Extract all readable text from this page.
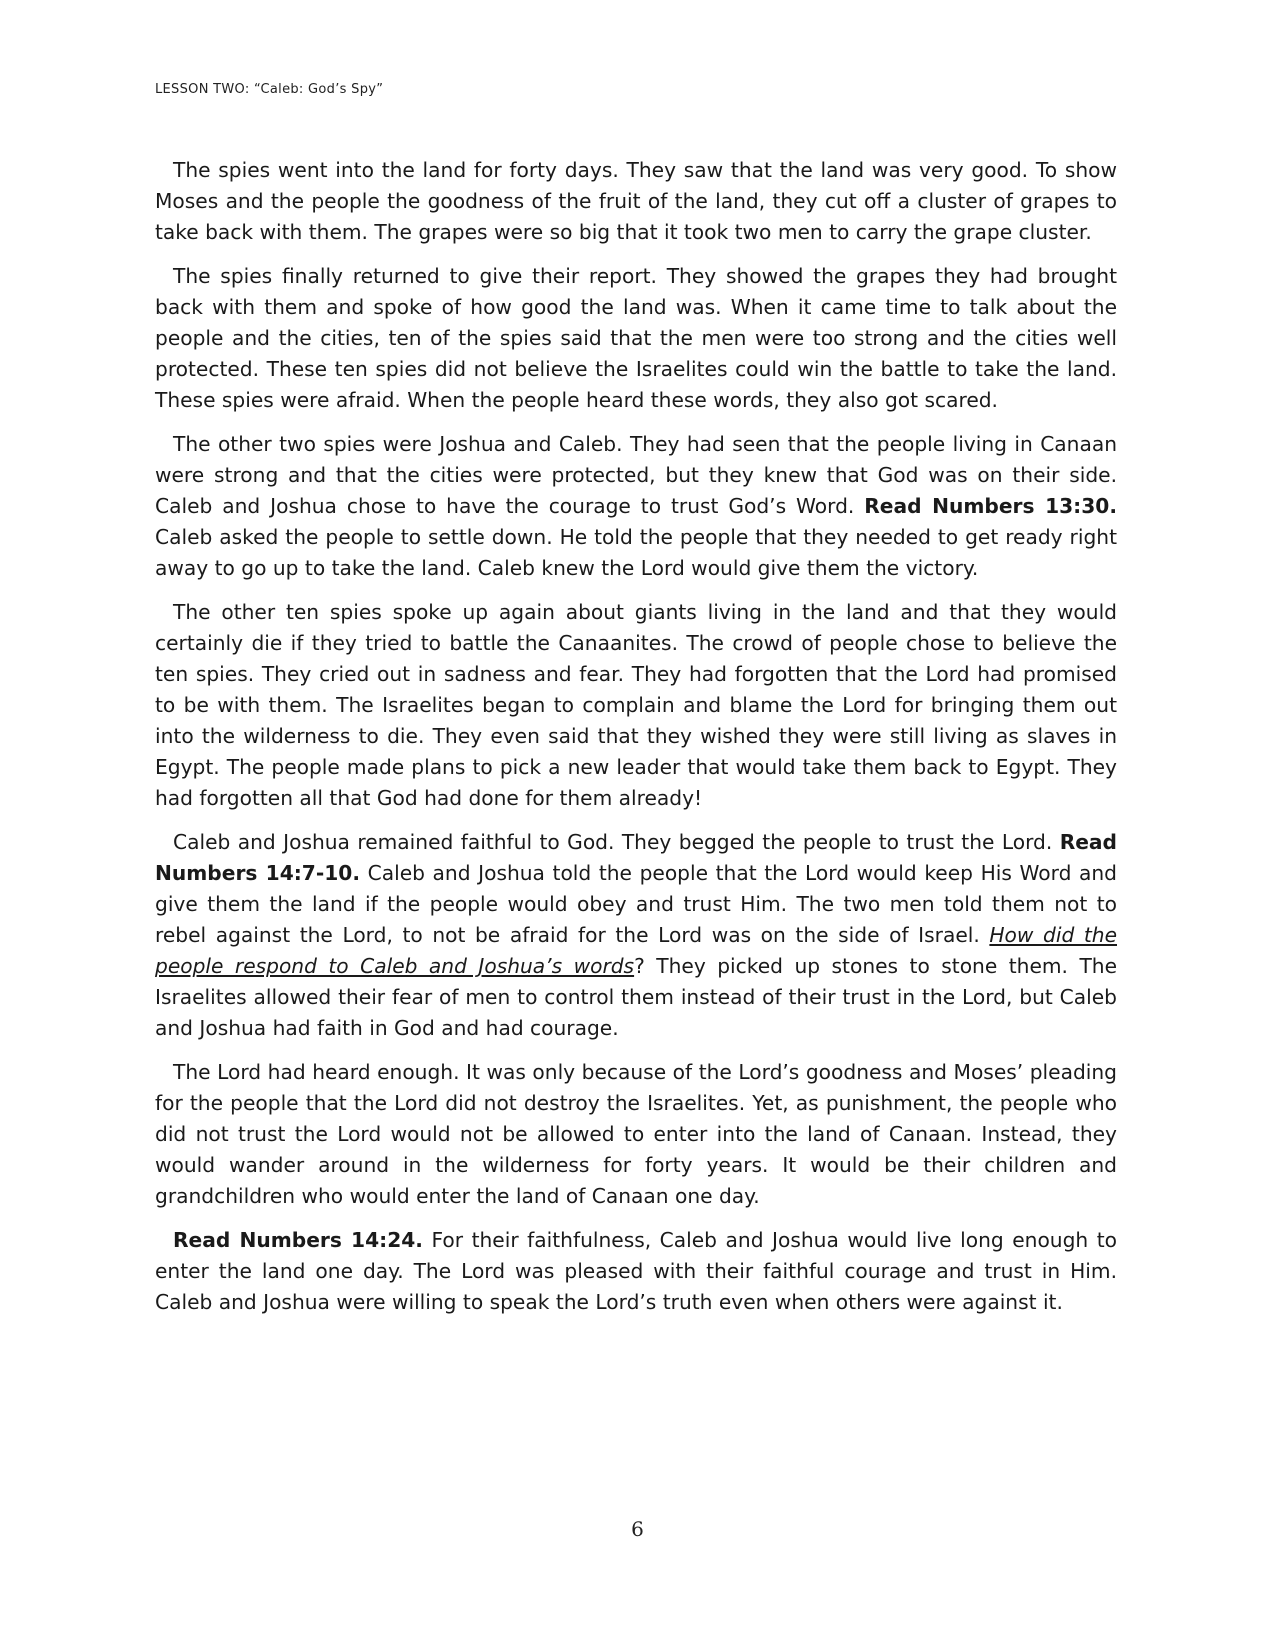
LESSON TWO: “Caleb: God’s Spy”

The spies went into the land for forty days. They saw that the land was very good. To show Moses and the people the goodness of the fruit of the land, they cut off a cluster of grapes to take back with them. The grapes were so big that it took two men to carry the grape cluster.

The spies finally returned to give their report. They showed the grapes they had brought back with them and spoke of how good the land was. When it came time to talk about the people and the cities, ten of the spies said that the men were too strong and the cities well protected. These ten spies did not believe the Israelites could win the battle to take the land. These spies were afraid. When the people heard these words, they also got scared.

The other two spies were Joshua and Caleb. They had seen that the people living in Canaan were strong and that the cities were protected, but they knew that God was on their side. Caleb and Joshua chose to have the courage to trust God’s Word. Read Numbers 13:30. Caleb asked the people to settle down. He told the people that they needed to get ready right away to go up to take the land. Caleb knew the Lord would give them the victory.

The other ten spies spoke up again about giants living in the land and that they would certainly die if they tried to battle the Canaanites. The crowd of people chose to believe the ten spies. They cried out in sadness and fear. They had forgotten that the Lord had promised to be with them. The Israelites began to complain and blame the Lord for bringing them out into the wilderness to die. They even said that they wished they were still living as slaves in Egypt. The people made plans to pick a new leader that would take them back to Egypt. They had forgotten all that God had done for them already!

Caleb and Joshua remained faithful to God. They begged the people to trust the Lord. Read Numbers 14:7-10. Caleb and Joshua told the people that the Lord would keep His Word and give them the land if the people would obey and trust Him. The two men told them not to rebel against the Lord, to not be afraid for the Lord was on the side of Israel. How did the people respond to Caleb and Joshua’s words? They picked up stones to stone them. The Israelites allowed their fear of men to control them instead of their trust in the Lord, but Caleb and Joshua had faith in God and had courage.

The Lord had heard enough. It was only because of the Lord’s goodness and Moses’ pleading for the people that the Lord did not destroy the Israelites. Yet, as punishment, the people who did not trust the Lord would not be allowed to enter into the land of Canaan. Instead, they would wander around in the wilderness for forty years. It would be their children and grandchildren who would enter the land of Canaan one day.

Read Numbers 14:24. For their faithfulness, Caleb and Joshua would live long enough to enter the land one day. The Lord was pleased with their faithful courage and trust in Him. Caleb and Joshua were willing to speak the Lord’s truth even when others were against it.

6
